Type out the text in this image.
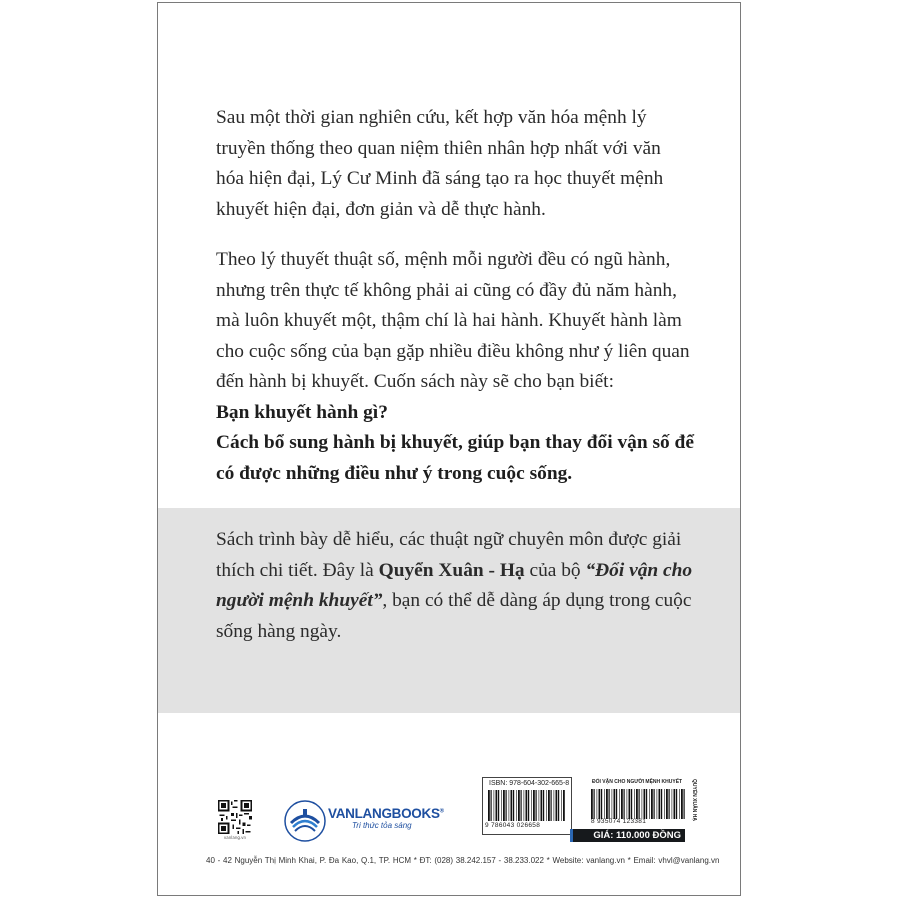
Sau một thời gian nghiên cứu, kết hợp văn hóa mệnh lý
truyền thống theo quan niệm thiên nhân hợp nhất với văn
hóa hiện đại, Lý Cư Minh đã sáng tạo ra học thuyết mệnh
khuyết hiện đại, đơn giản và dễ thực hành.

Theo lý thuyết thuật số, mệnh mỗi người đều có ngũ hành,
nhưng trên thực tế không phải ai cũng có đầy đủ năm hành,
mà luôn khuyết một, thậm chí là hai hành. Khuyết hành làm
cho cuộc sống của bạn gặp nhiều điều không như ý liên quan
đến hành bị khuyết. Cuốn sách này sẽ cho bạn biết:
Bạn khuyết hành gì?
Cách bổ sung hành bị khuyết, giúp bạn thay đổi vận số để
có được những điều như ý trong cuộc sống.

Sách trình bày dễ hiểu, các thuật ngữ chuyên môn được giải
thích chi tiết. Đây là Quyển Xuân - Hạ của bộ “Đổi vận cho
người mệnh khuyết”, bạn có thể dễ dàng áp dụng trong cuộc
sống hàng ngày.

vanlang.vn
VANLANGBOOKS®
Tri thức tỏa sáng
ISBN: 978-604-302-665-8
9 786043 026658
ĐỔI VẬN CHO NGƯỜI MỆNH KHUYẾT
8 935074 123381
GIÁ: 110.000 ĐỒNG
QUYỂN XUÂN HẠ
40 - 42 Nguyễn Thị Minh Khai, P. Đa Kao, Q.1, TP. HCM * ĐT: (028) 38.242.157 - 38.233.022 * Website: vanlang.vn * Email: vhvl@vanlang.vn
